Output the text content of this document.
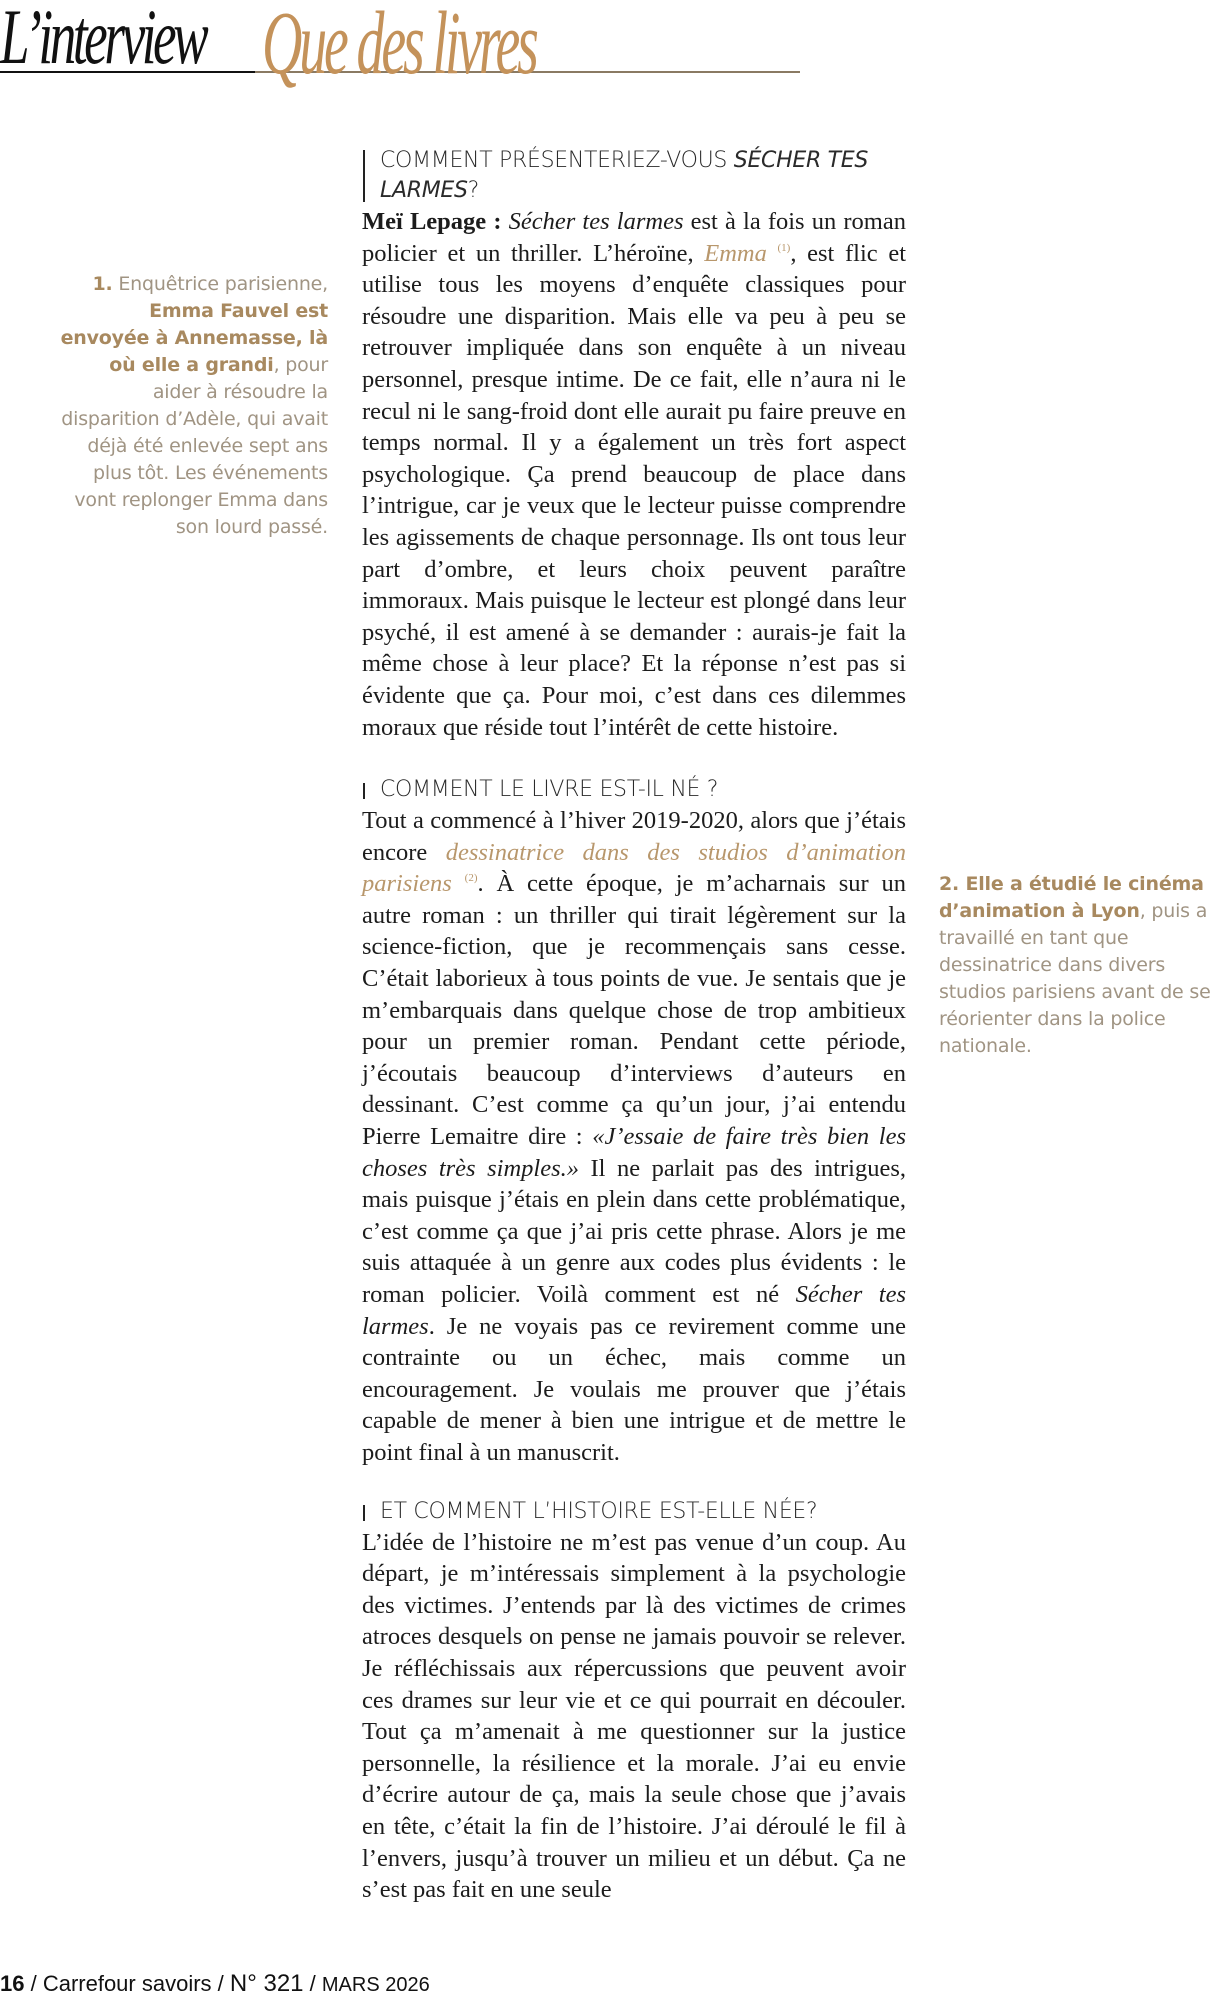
L’interview Que des livres
1. Enquêtrice parisienne, Emma Fauvel est envoyée à Annemasse, là où elle a grandi, pour aider à résoudre la disparition d’Adèle, qui avait déjà été enlevée sept ans plus tôt. Les événements vont replonger Emma dans son lourd passé.
COMMENT PRÉSENTERIEZ-VOUS SÉCHER TES LARMES?
Meï Lepage : Sécher tes larmes est à la fois un roman policier et un thriller. L’héroïne, Emma $^{(1)}$, est flic et utilise tous les moyens d’enquête classiques pour résoudre une disparition. Mais elle va peu à peu se retrouver impliquée dans son enquête à un niveau personnel, presque intime. De ce fait, elle n’aura ni le recul ni le sang-froid dont elle aurait pu faire preuve en temps normal. Il y a également un très fort aspect psychologique. Ça prend beaucoup de place dans l’intrigue, car je veux que le lecteur puisse comprendre les agissements de chaque personnage. Ils ont tous leur part d’ombre, et leurs choix peuvent paraître immoraux. Mais puisque le lecteur est plongé dans leur psyché, il est amené à se demander : aurais-je fait la même chose à leur place? Et la réponse n’est pas si évidente que ça. Pour moi, c’est dans ces dilemmes moraux que réside tout l’intérêt de cette histoire.
COMMENT LE LIVRE EST-IL NÉ ?
Tout a commencé à l’hiver 2019-2020, alors que j’étais encore dessinatrice dans des studios d’animation parisiens $^{(2)}$. À cette époque, je m’acharnais sur un autre roman : un thriller qui tirait légèrement sur la science-fiction, que je recommençais sans cesse. C’était laborieux à tous points de vue. Je sentais que je m’embarquais dans quelque chose de trop ambitieux pour un premier roman. Pendant cette période, j’écoutais beaucoup d’interviews d’auteurs en dessinant. C’est comme ça qu’un jour, j’ai entendu Pierre Lemaitre dire : «J’essaie de faire très bien les choses très simples.» Il ne parlait pas des intrigues, mais puisque j’étais en plein dans cette problématique, c’est comme ça que j’ai pris cette phrase. Alors je me suis attaquée à un genre aux codes plus évidents : le roman policier. Voilà comment est né Sécher tes larmes. Je ne voyais pas ce revirement comme une contrainte ou un échec, mais comme un encouragement. Je voulais me prouver que j’étais capable de mener à bien une intrigue et de mettre le point final à un manuscrit.
ET COMMENT L’HISTOIRE EST-ELLE NÉE?
L’idée de l’histoire ne m’est pas venue d’un coup. Au départ, je m’intéressais simplement à la psychologie des victimes. J’entends par là des victimes de crimes atroces desquels on pense ne jamais pouvoir se relever. Je réfléchissais aux répercussions que peuvent avoir ces drames sur leur vie et ce qui pourrait en découler. Tout ça m’amenait à me questionner sur la justice personnelle, la résilience et la morale. J’ai eu envie d’écrire autour de ça, mais la seule chose que j’avais en tête, c’était la fin de l’histoire. J’ai déroulé le fil à l’envers, jusqu’à trouver un milieu et un début. Ça ne s’est pas fait en une seule
2. Elle a étudié le cinéma d’animation à Lyon, puis a travaillé en tant que dessinatrice dans divers studios parisiens avant de se réorienter dans la police nationale.
16 / Carrefour savoirs / N° 321 / MARS 2026
